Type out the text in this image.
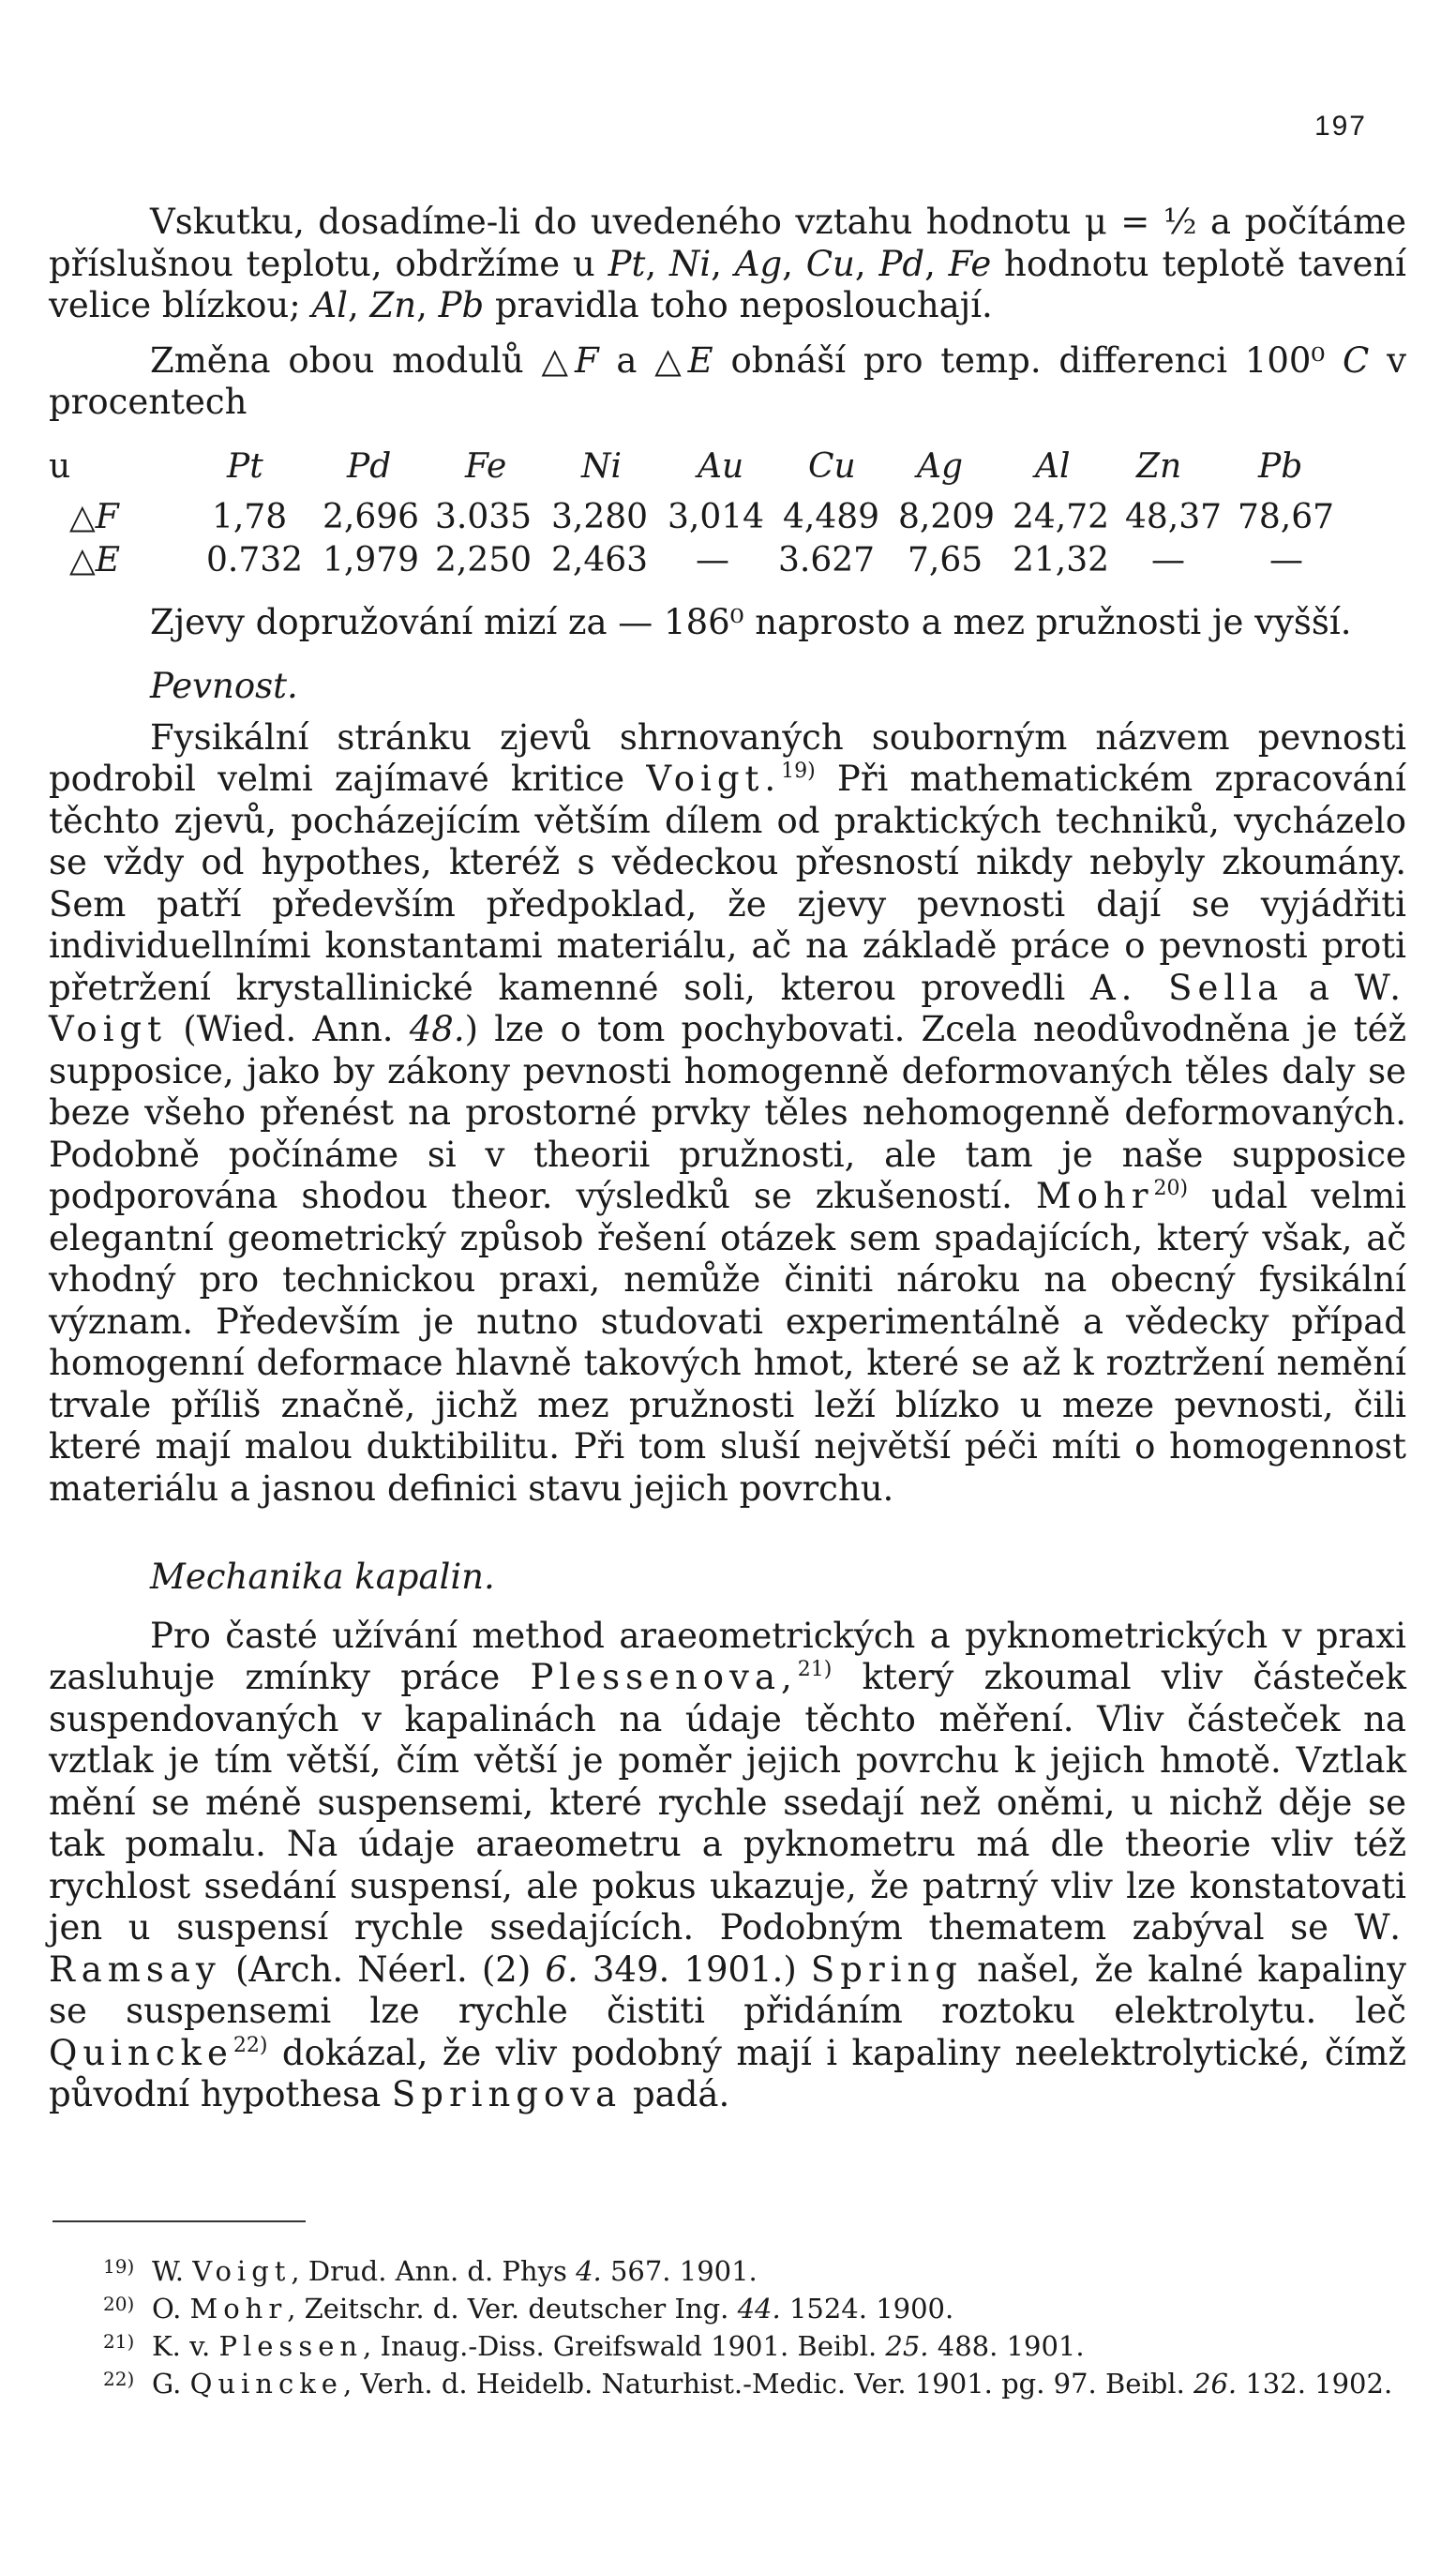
197

Vskutku, dosadíme-li do uvedeného vztahu hodnotu μ = ½ a počítáme příslušnou teplotu, obdržíme u Pt, Ni, Ag, Cu, Pd, Fe hodnotu teplotě tavení velice blízkou; Al, Zn, Pb pravidla toho neposlouchají.

Změna obou modulů △F a △E obnáší pro temp. differenci 100⁰ C v procentech

u	Pt Pd Fe Ni Au Cu Ag Al Zn Pb
△F	1,78 2,696 3.035 3,280 3,014 4,489 8,209 24,72 48,37 78,67
△E	0.732 1,979 2,250 2,463 — 3.627 7,65 21,32 —	—

Zjevy dopružování mizí za — 186⁰ naprosto a mez pružnosti je vyšší.

Pevnost.

Fysikální stránku zjevů shrnovaných souborným názvem pevnosti podrobil velmi zajímavé kritice Voigt.$^{19)}$ Při mathematickém zpracování těchto zjevů, pocházejícím větším dílem od praktických techniků, vycházelo se vždy od hypothes, kteréž s vědeckou přesností nikdy nebyly zkoumány. Sem patří především předpoklad, že zjevy pevnosti dají se vyjádřiti individuellními konstantami materiálu, ač na základě práce o pevnosti proti přetržení krystallinické kamenné soli, kterou provedli A. Sella a W. Voigt (Wied. Ann. 48.) lze o tom pochybovati. Zcela neodůvodněna je též supposice, jako by zákony pevnosti homogenně deformovaných těles daly se beze všeho přenést na prostorné prvky těles nehomogenně deformovaných. Podobně počínáme si v theorii pružnosti, ale tam je naše supposice podporována shodou theor. výsledků se zkušeností. Mohr$^{20)}$ udal velmi elegantní geometrický způsob řešení otázek sem spadajících, který však, ač vhodný pro technickou praxi, nemůže činiti nároku na obecný fysikální význam. Především je nutno studovati experimentálně a vědecky případ homogenní deformace hlavně takových hmot, které se až k roztržení nemění trvale příliš značně, jichž mez pružnosti leží blízko u meze pevnosti, čili které mají malou duktibilitu. Při tom sluší největší péči míti o homogennost materiálu a jasnou definici stavu jejich povrchu.

Mechanika kapalin.

Pro časté užívání method araeometrických a pyknometrických v praxi zasluhuje zmínky práce Plessenova,$^{21)}$ který zkoumal vliv částeček suspendovaných v kapalinách na údaje těchto měření. Vliv částeček na vztlak je tím větší, čím větší je poměr jejich povrchu k jejich hmotě. Vztlak mění se méně suspensemi, které rychle ssedají než oněmi, u nichž děje se tak pomalu. Na údaje araeometru a pyknometru má dle theorie vliv též rychlost ssedání suspensí, ale pokus ukazuje, že patrný vliv lze konstatovati jen u suspensí rychle ssedajících. Podobným thematem zabýval se W. Ramsay (Arch. Néerl. (2) 6. 349. 1901.) Spring našel, že kalné kapaliny se suspensemi lze rychle čistiti přidáním roztoku elektrolytu. leč Quincke$^{22)}$ dokázal, že vliv podobný mají i kapaliny neelektrolytické, čímž původní hypothesa Springova padá.

19) W. Voigt, Drud. Ann. d. Phys 4. 567. 1901.

20) O. Mohr, Zeitschr. d. Ver. deutscher Ing. 44. 1524. 1900.

21) K. v. Plessen, Inaug.-Diss. Greifswald 1901. Beibl. 25. 488. 1901.

22) G. Quincke, Verh. d. Heidelb. Naturhist.-Medic. Ver. 1901. pg. 97. Beibl. 26. 132. 1902.
